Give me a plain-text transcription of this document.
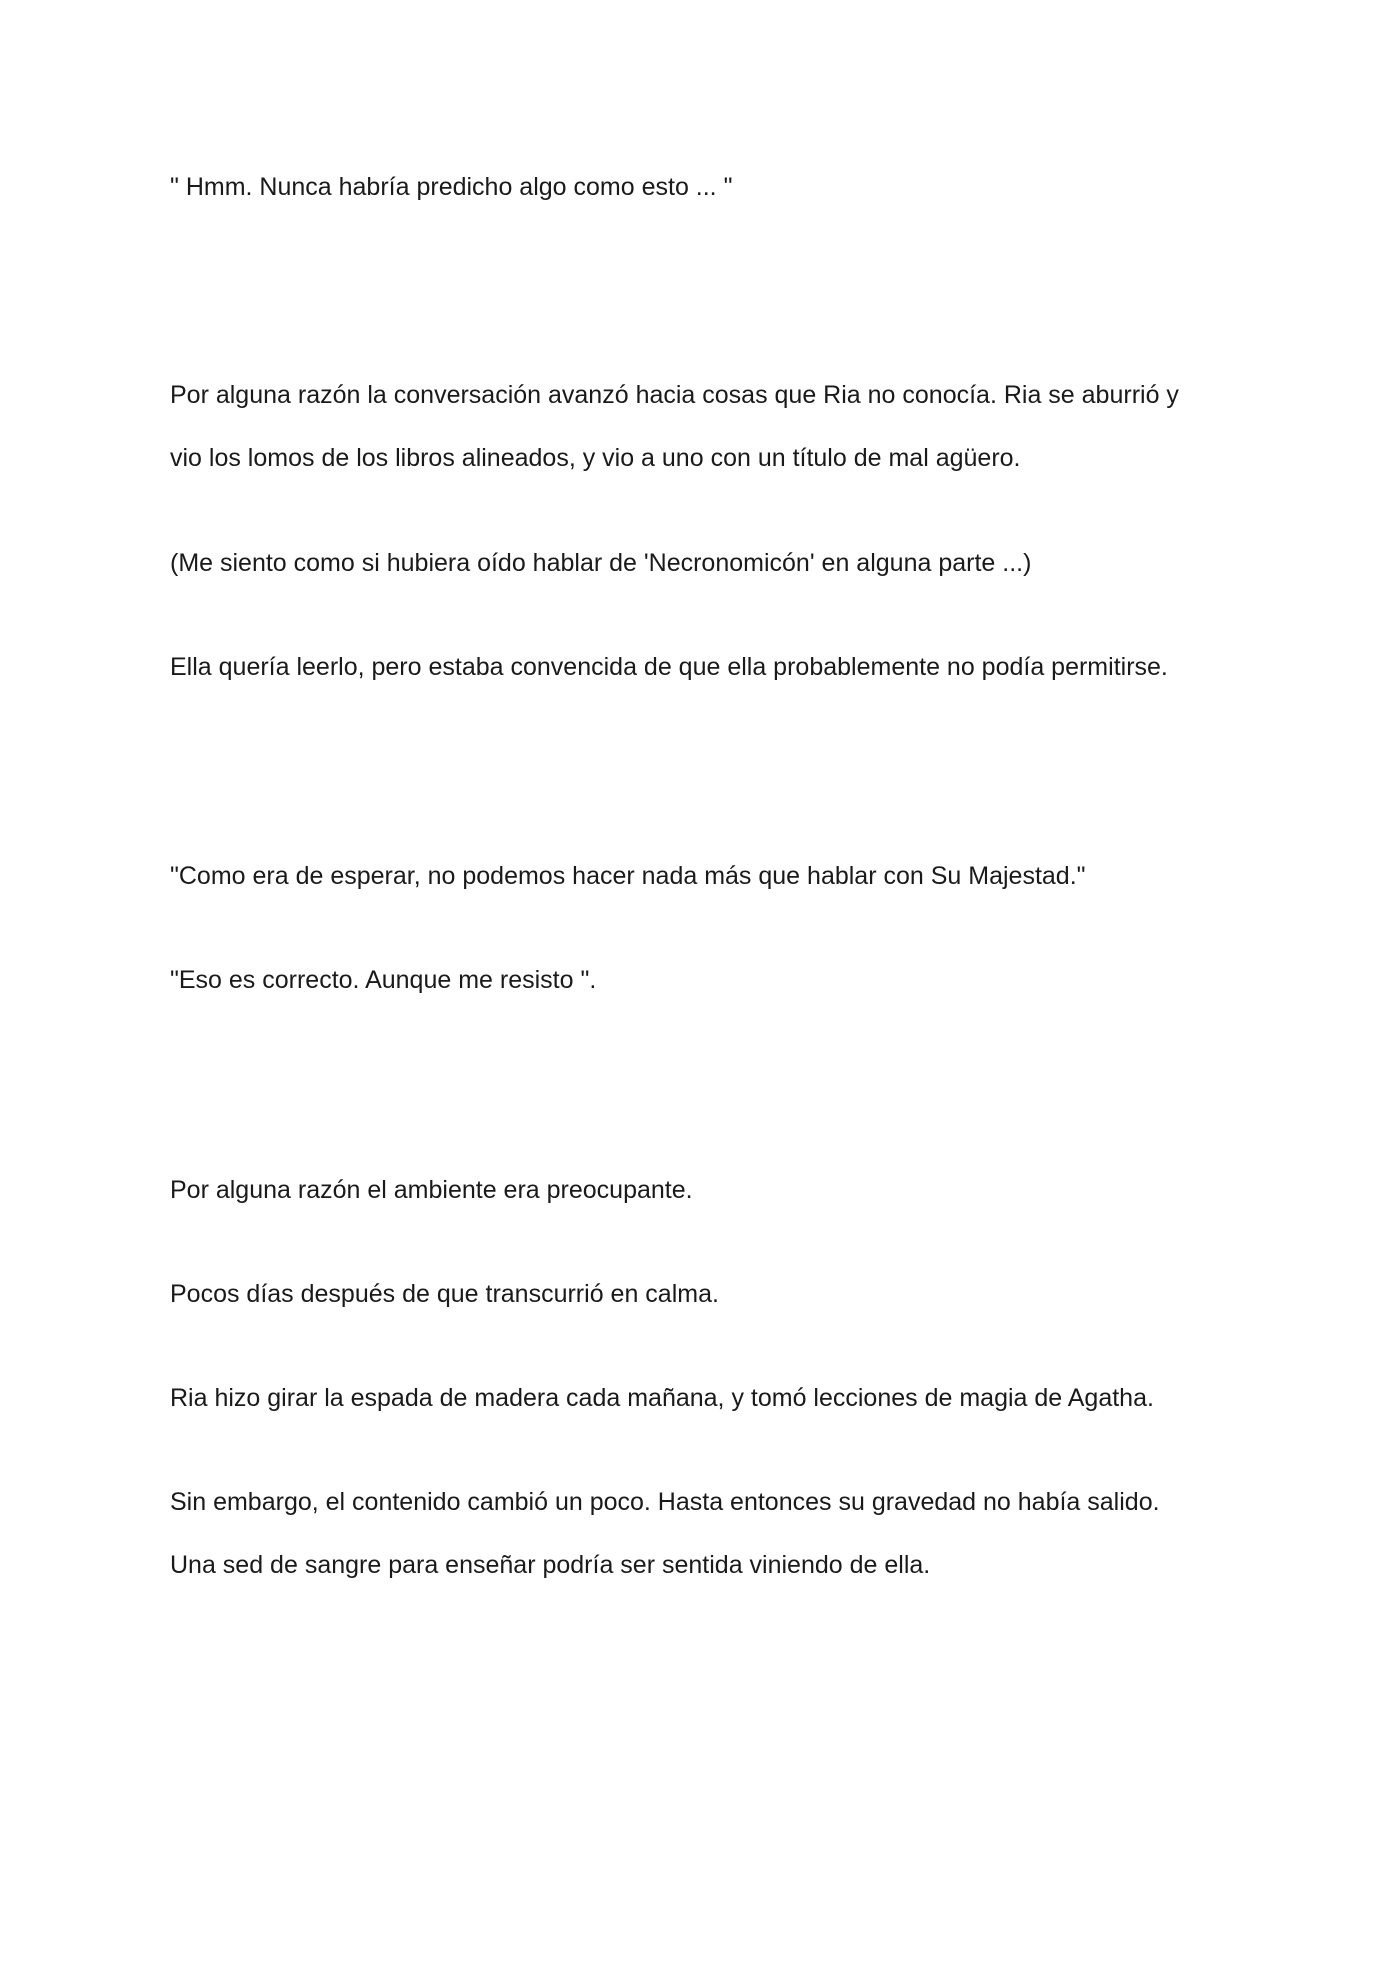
" Hmm. Nunca habría predicho algo como esto ... "

Por alguna razón la conversación avanzó hacia cosas que Ria no conocía. Ria se aburrió y
vio los lomos de los libros alineados, y vio a uno con un título de mal agüero.

(Me siento como si hubiera oído hablar de 'Necronomicón' en alguna parte ...)

Ella quería leerlo, pero estaba convencida de que ella probablemente no podía permitirse.

"Como era de esperar, no podemos hacer nada más que hablar con Su Majestad."

"Eso es correcto. Aunque me resisto ".

Por alguna razón el ambiente era preocupante.

Pocos días después de que transcurrió en calma.

Ria hizo girar la espada de madera cada mañana, y tomó lecciones de magia de Agatha.

Sin embargo, el contenido cambió un poco. Hasta entonces su gravedad no había salido.
Una sed de sangre para enseñar podría ser sentida viniendo de ella.
